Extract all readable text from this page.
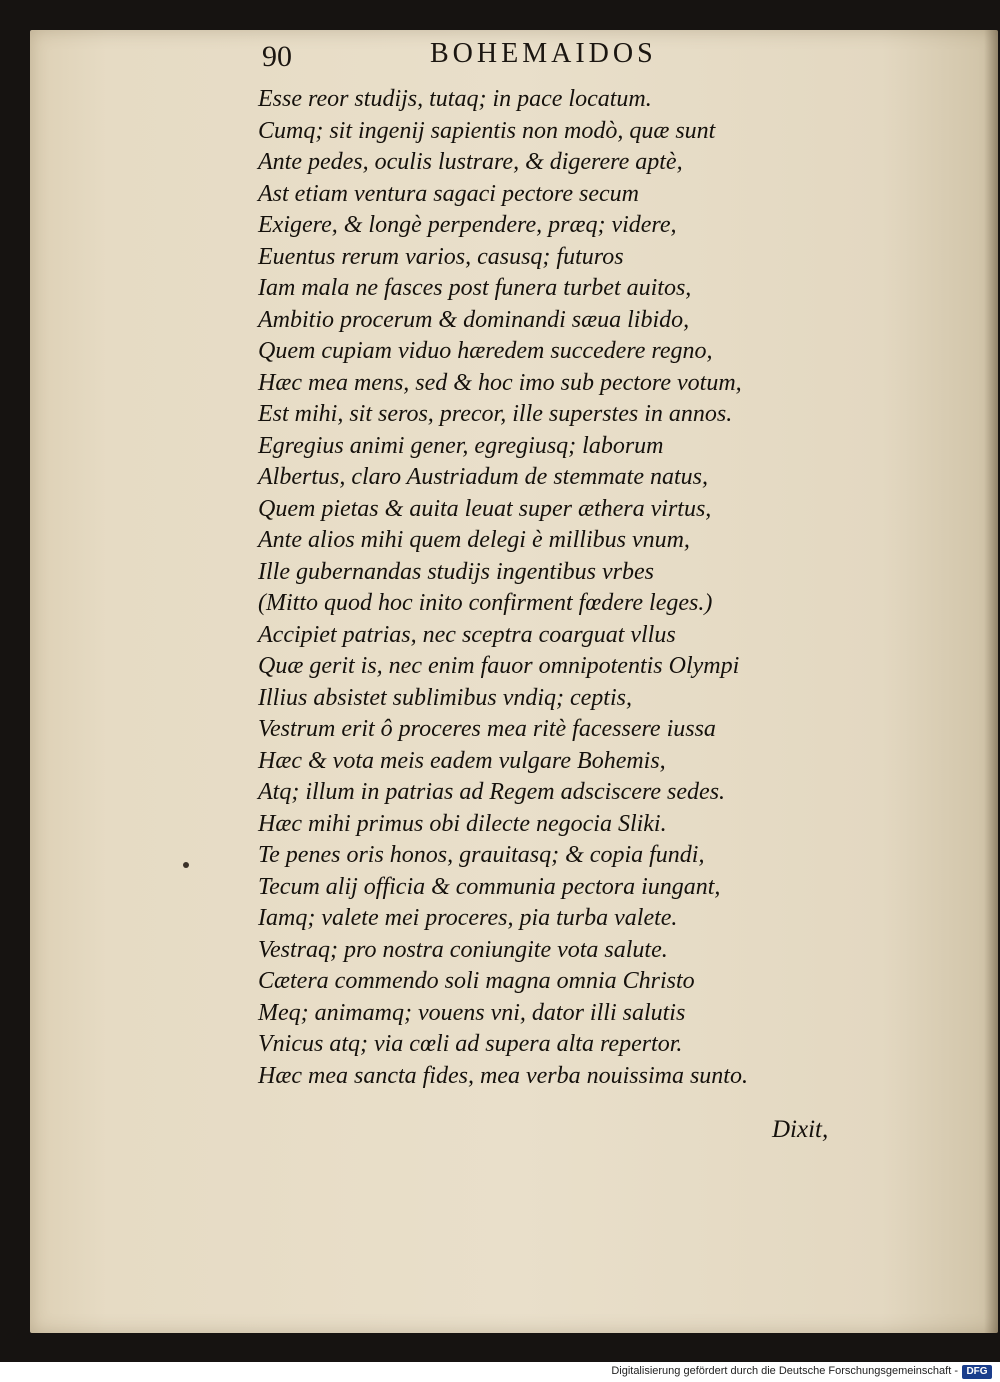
90	BOHEMAIDOS
Esse reor studijs, tutaq; in pace locatum.
Cumq; sit ingenij sapientis non modò, quæ sunt
Ante pedes, oculis lustrare, & digerere aptè,
Ast etiam ventura sagaci pectore secum
Exigere, & longè perpendere, præq; videre,
Euentus rerum varios, casusq; futuros
Iam mala ne fasces post funera turbet auitos,
Ambitio procerum & dominandi sæua libido,
Quem cupiam viduo hæredem succedere regno,
Hæc mea mens, sed & hoc imo sub pectore votum,
Est mihi, sit seros, precor, ille superstes in annos.
Egregius animi gener, egregiusq; laborum
Albertus, claro Austriadum de stemmate natus,
Quem pietas & auita leuat super æthera virtus,
Ante alios mihi quem delegi è millibus vnum,
Ille gubernandas studijs ingentibus vrbes
(Mitto quod hoc inito confirment fœdere leges.)
Accipiet patrias, nec sceptra coarguat vllus
Quæ gerit is, nec enim fauor omnipotentis Olympi
Illius absistet sublimibus vndiq; ceptis,
Vestrum erit ô proceres mea ritè facessere iussa
Hæc & vota meis eadem vulgare Bohemis,
Atq; illum in patrias ad Regem adsciscere sedes.
Hæc mihi primus obi dilecte negocia Sliki.
Te penes oris honos, grauitasq; & copia fundi,
Tecum alij officia & communia pectora iungant,
Iamq; valete mei proceres, pia turba valete.
Vestraq; pro nostra coniungite vota salute.
Cætera commendo soli magna omnia Christo
Meq; animamq; vouens vni, dator illi salutis
Vnicus atq; via cœli ad supera alta repertor.
Hæc mea sancta fides, mea verba nouissima sunto.
Dixit,
Digitalisierung gefördert durch die Deutsche Forschungsgemeinschaft - DFG
